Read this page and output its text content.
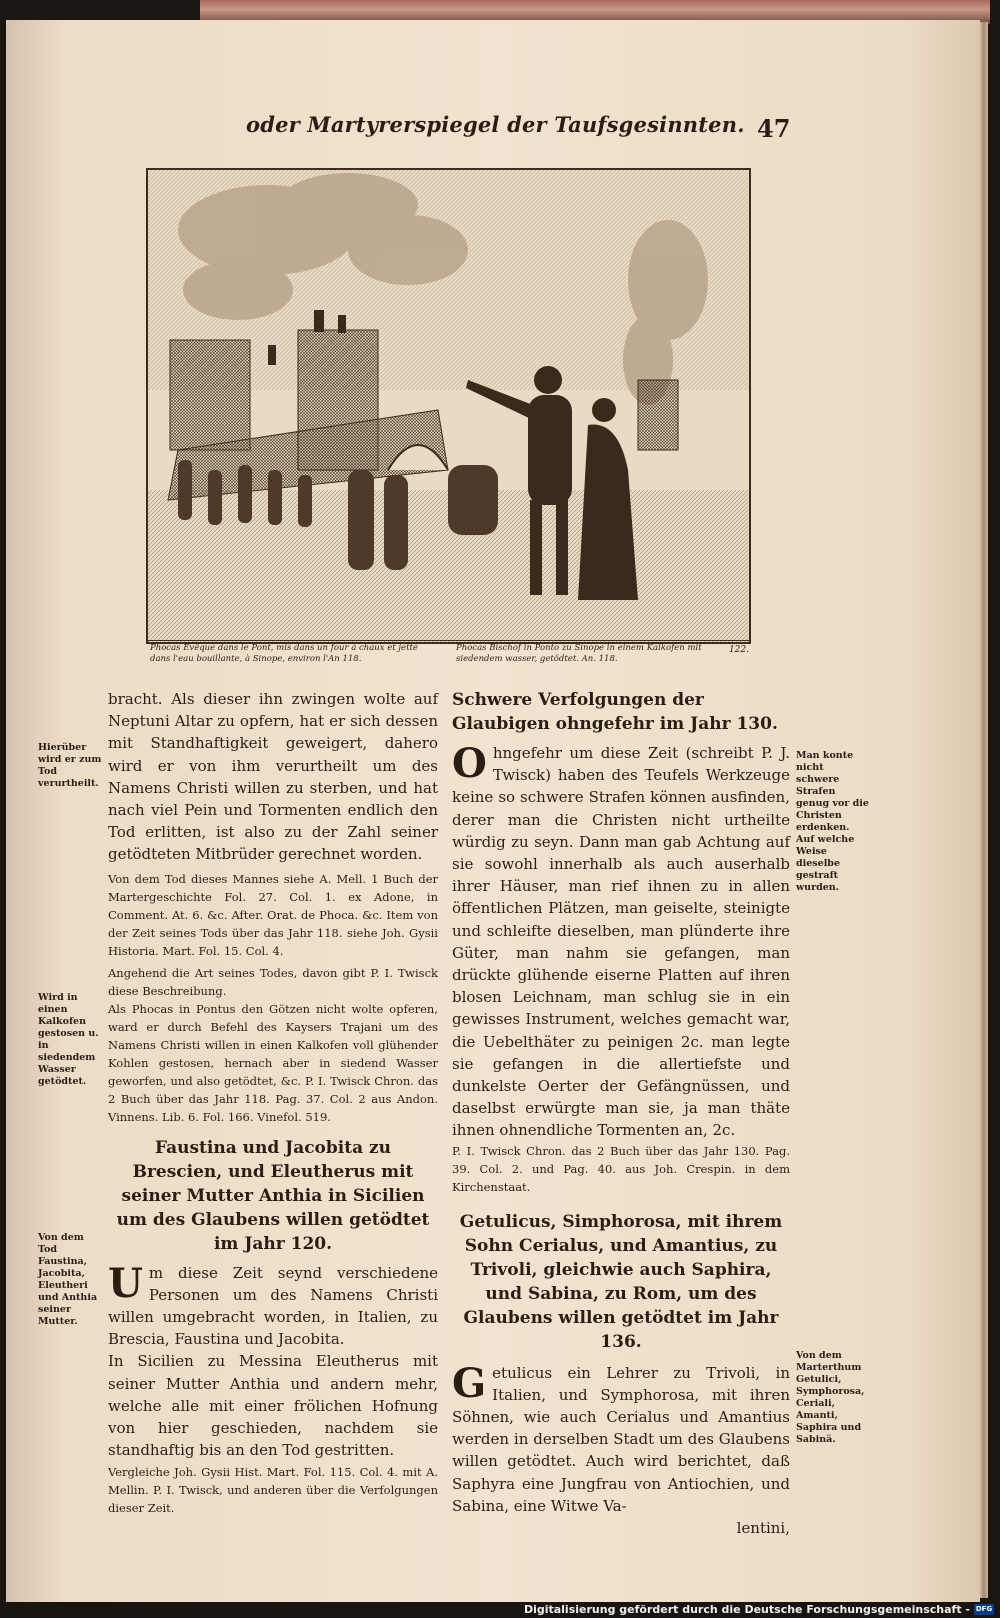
oder Martyrerspiegel der Taufsgesinnten. 47
Phocas Evêque dans le Pont, mis dans un four à chaux et jetté dans l'eau bouillante, à Sinope, environ l'An 118.
Phocas Bischof in Ponto zu Sinope in einem Kalkofen mit siedendem wasser, getödtet. An. 118.
122.

bracht. Als dieser ihn zwingen wolte auf Neptuni Altar zu opfern, hat er sich dessen mit Standhaftigkeit geweigert, dahero wird er von ihm verurtheilt um des Namens Christi willen zu sterben, und hat nach viel Pein und Tormenten endlich den Tod erlitten, ist also zu der Zahl seiner getödteten Mitbrüder gerechnet worden.

Von dem Tod dieses Mannes siehe A. Mell. 1 Buch der Martergeschichte Fol. 27. Col. 1. ex Adone, in Comment. At. 6. &c. After. Orat. de Phoca. &c. Item von der Zeit seines Tods über das Jahr 118. siehe Joh. Gysii Historia. Mart. Fol. 15. Col. 4.

Angehend die Art seines Todes, davon gibt P. I. Twisck diese Beschreibung.

Als Phocas in Pontus den Götzen nicht wolte opferen, ward er durch Befehl des Kaysers Trajani um des Namens Christi willen in einen Kalkofen voll glühender Kohlen gestosen, hernach aber in siedend Wasser geworfen, und also getödtet, &c. P. I. Twisck Chron. das 2 Buch über das Jahr 118. Pag. 37. Col. 2 aus Andon. Vinnens. Lib. 6. Fol. 166. Vinefol. 519.

Faustina und Jacobita zu Brescien, und Eleutherus mit seiner Mutter Anthia in Sicilien um des Glaubens willen getödtet im Jahr 120.

Um diese Zeit seynd verschiedene Personen um des Namens Christi willen umgebracht worden, in Italien, zu Brescia, Faustina und Jacobita.

In Sicilien zu Messina Eleutherus mit seiner Mutter Anthia und andern mehr, welche alle mit einer frölichen Hofnung von hier geschieden, nachdem sie standhaftig bis an den Tod gestritten.

Vergleiche Joh. Gysii Hist. Mart. Fol. 115. Col. 4. mit A. Mellin. P. I. Twisck, und anderen über die Verfolgungen dieser Zeit.

Schwere Verfolgungen der Glaubigen ohngefehr im Jahr 130.

Ohngefehr um diese Zeit (schreibt P. J. Twisck) haben des Teufels Werkzeuge keine so schwere Strafen können ausfinden, derer man die Christen nicht urtheilte würdig zu seyn. Dann man gab Achtung auf sie sowohl innerhalb als auch auserhalb ihrer Häuser, man rief ihnen zu in allen öffentlichen Plätzen, man geiselte, steinigte und schleifte dieselben, man plünderte ihre Güter, man nahm sie gefangen, man drückte glühende eiserne Platten auf ihren blosen Leichnam, man schlug sie in ein gewisses Instrument, welches gemacht war, die Uebelthäter zu peinigen 2c. man legte sie gefangen in die allertiefste und dunkelste Oerter der Gefängnüssen, und daselbst erwürgte man sie, ja man thäte ihnen ohnendliche Tormenten an, 2c.

P. I. Twisck Chron. das 2 Buch über das Jahr 130. Pag. 39. Col. 2. und Pag. 40. aus Joh. Crespin. in dem Kirchenstaat.

Getulicus, Simphorosa, mit ihrem Sohn Cerialus, und Amantius, zu Trivoli, gleichwie auch Saphira, und Sabina, zu Rom, um des Glaubens willen getödtet im Jahr 136.

Getulicus ein Lehrer zu Trivoli, in Italien, und Symphorosa, mit ihren Söhnen, wie auch Cerialus und Amantius werden in derselben Stadt um des Glaubens willen getödtet. Auch wird berichtet, daß Saphyra eine Jungfrau von Antiochien, und Sabina, eine Witwe Va-

lentini,

Hierüber wird er zum Tod verurtheilt.
Wird in einen Kalkofen gestosen u. in siedendem Wasser getödtet.
Von dem Tod Faustina, Jacobita, Eleutheri und Anthia seiner Mutter.
Man konte nicht schwere Strafen genug vor die Christen erdenken.
Auf welche Weise dieselbe gestraft wurden.
Von dem Marterthum Getulici, Symphorosa, Ceriali, Amanti, Saphira und Sabinä.
Digitalisierung gefördert durch die Deutsche Forschungsgemeinschaft - DFG
